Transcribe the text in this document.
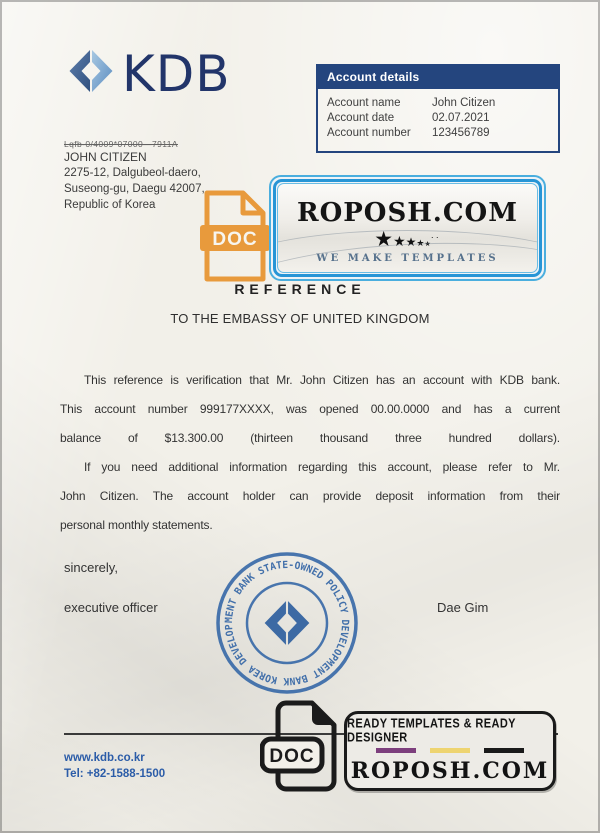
KDB	Account details
Account name	John Citizen
Account date	02.07.2021
Account number	123456789
Lqfb-0/4009*07000—7911A
JOHN CITIZEN
2275-12, Dalgubeol-daero,
Suseong-gu, Daegu 42007,
Republic of Korea
DOC
ROPOSH.COM
★★★★★··
WE MAKE TEMPLATES
REFERENCE
TO THE EMBASSY OF UNITED KINGDOM
This reference is verification that Mr. John Citizen has an account with KDB bank.
This account number 999177XXXX, was opened 00.00.0000 and has a current
balance of $13.300.00 (thirteen thousand three hundred dollars).
If you need additional information regarding this account, please refer to Mr.
John Citizen. The account holder can provide deposit information from their
personal monthly statements.
sincerely,
executive officer	Dae Gim
MENT BANK STATE-OWNED POLICY DEVELOPMENT BANK KOREA DEVELOP
www.kdb.co.kr
Tel: +82-1588-1500
DOC
READY TEMPLATES & READY DESIGNER
ROPOSH.COM
